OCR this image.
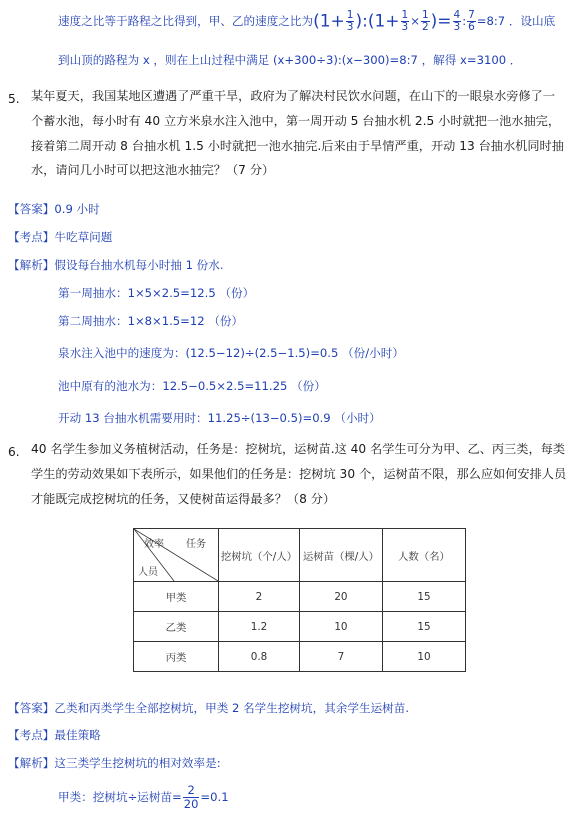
速度之比等于路程之比得到，甲、乙的速度之比为($1+ \frac{1}{3}$ ):(1+ $\frac{1}{3} \times \frac{1}{2}$ )= $\frac{4}{3}$ : $\frac{7}{6}$ =8:7 ．设山底
到山顶的路程为 x ，则在上山过程中满足 (x+300÷3):(x−300)=8:7 ，解得 x=3100 ．
5. 某年夏天，我国某地区遭遇了严重干旱，政府为了解决村民饮水问题，在山下的一眼泉水旁修了一个蓄水池，每小时有 40 立方米泉水注入池中，第一周开动 5 台抽水机 2.5 小时就把一池水抽完，接着第二周开动 8 台抽水机 1.5 小时就把一池水抽完.后来由于旱情严重，开动 13 台抽水机同时抽水，请问几小时可以把这池水抽完？（7 分）
【答案】0.9 小时
【考点】牛吃草问题
【解析】假设每台抽水机每小时抽 1 份水.
第一周抽水：1×5×2.5=12.5 （份）
第二周抽水：1×8×1.5=12 （份）
泉水注入池中的速度为：(12.5−12)÷(2.5−1.5)=0.5 （份/小时）
池中原有的池水为：12.5−0.5×2.5=11.25 （份）
开动 13 台抽水机需要用时：11.25÷(13−0.5)=0.9 （小时）
6. 40 名学生参加义务植树活动，任务是：挖树坑，运树苗.这 40 名学生可分为甲、乙、丙三类，每类学生的劳动效果如下表所示，如果他们的任务是：挖树坑 30 个，运树苗不限，那么应如何安排人员才能既完成挖树坑的任务，又使树苗运得最多？（8 分）
效率 任务
人员	挖树坑（个/人）	运树苗（棵/人）	人数（名）
甲类	2	20	15
乙类	1.2	10	15
丙类	0.8	7	10
【答案】乙类和丙类学生全部挖树坑，甲类 2 名学生挖树坑，其余学生运树苗.
【考点】最佳策略
【解析】这三类学生挖树坑的相对效率是:
甲类：挖树坑÷运树苗= $\frac{2}{20} =0.1$
